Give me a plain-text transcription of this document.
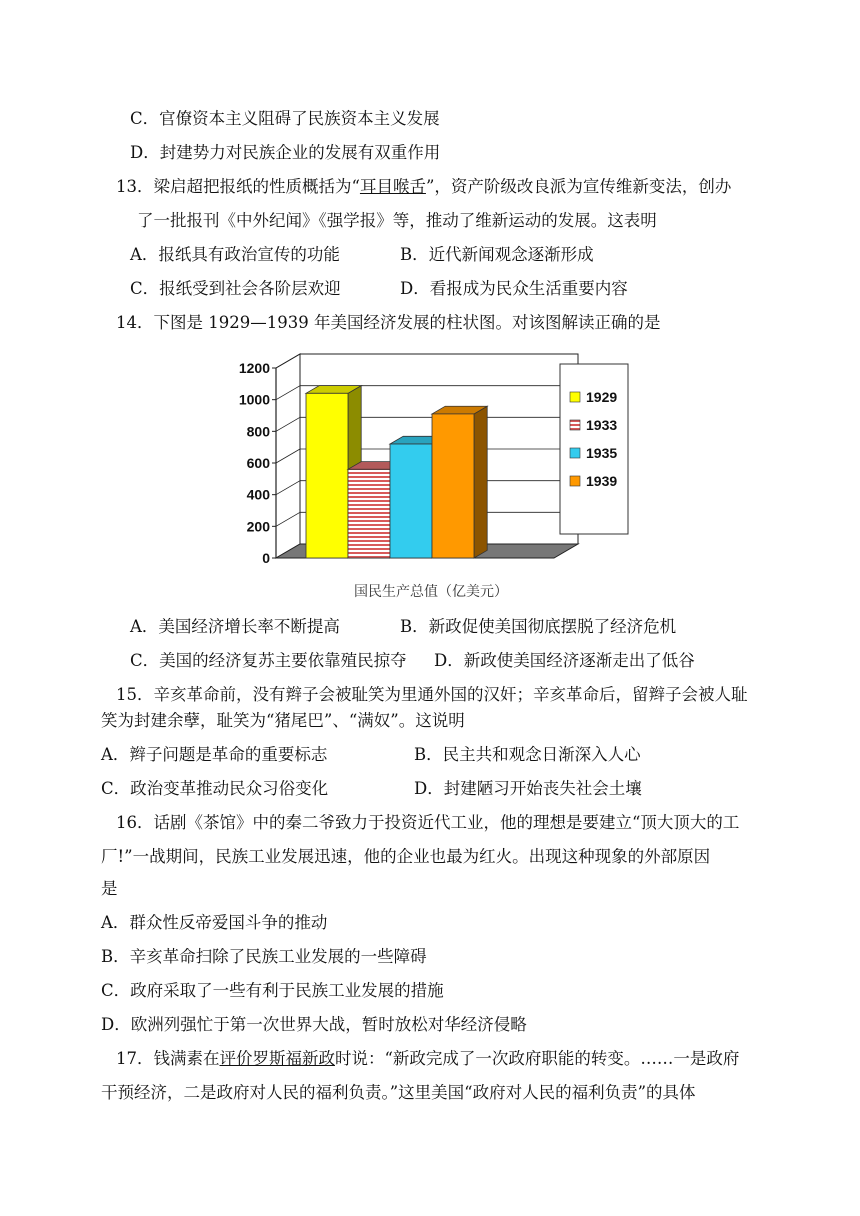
C．官僚资本主义阻碍了民族资本主义发展
D．封建势力对民族企业的发展有双重作用
13．梁启超把报纸的性质概括为“耳目喉舌”，资产阶级改良派为宣传维新变法，创办
了一批报刊《中外纪闻》《强学报》等，推动了维新运动的发展。这表明
A．报纸具有政治宣传的功能	B．近代新闻观念逐渐形成
C．报纸受到社会各阶层欢迎	D．看报成为民众生活重要内容
14．下图是 1929—1939 年美国经济发展的柱状图。对该图解读正确的是
0
200
400
600
800
1000
1200
1929
1933
1935
1939
国民生产总值（亿美元）
A．美国经济增长率不断提高	B．新政促使美国彻底摆脱了经济危机
C．美国的经济复苏主要依靠殖民掠夺 D．新政使美国经济逐渐走出了低谷
15．辛亥革命前，没有辫子会被耻笑为里通外国的汉奸；辛亥革命后，留辫子会被人耻
笑为封建余孽，耻笑为“猪尾巴”、“满奴”。这说明
A．辫子问题是革命的重要标志	B．民主共和观念日渐深入人心
C．政治变革推动民众习俗变化	D．封建陋习开始丧失社会土壤
16．话剧《茶馆》中的秦二爷致力于投资近代工业，他的理想是要建立“顶大顶大的工
厂!”一战期间，民族工业发展迅速，他的企业也最为红火。出现这种现象的外部原因
是
A．群众性反帝爱国斗争的推动
B．辛亥革命扫除了民族工业发展的一些障碍
C．政府采取了一些有利于民族工业发展的措施
D．欧洲列强忙于第一次世界大战，暂时放松对华经济侵略
17．钱满素在评价罗斯福新政时说：“新政完成了一次政府职能的转变。……一是政府
干预经济，二是政府对人民的福利负责。”这里美国“政府对人民的福利负责”的具体
